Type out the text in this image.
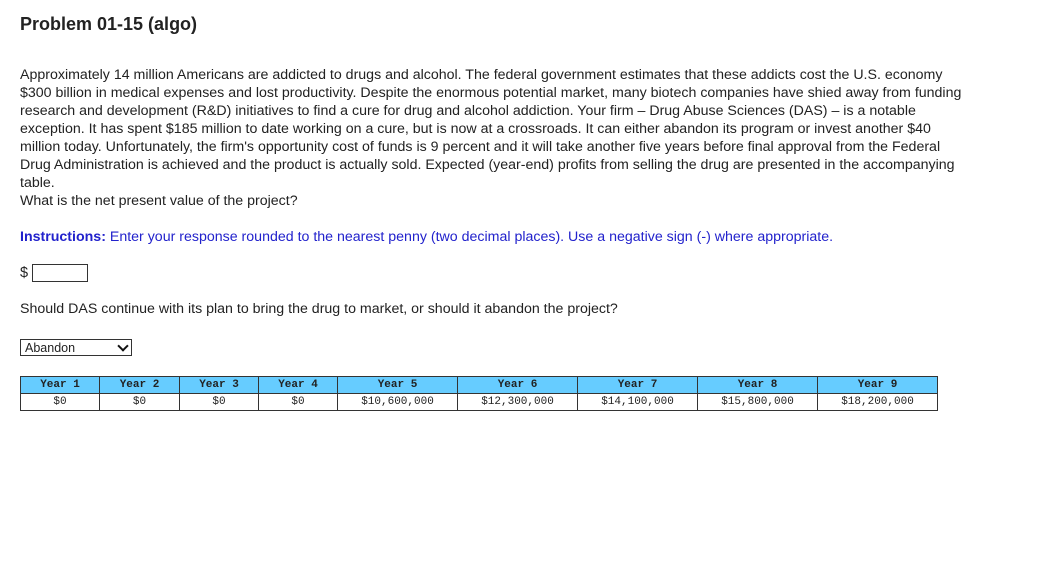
Problem 01-15 (algo)

Approximately 14 million Americans are addicted to drugs and alcohol. The federal government estimates that these addicts cost the U.S. economy $300 billion in medical expenses and lost productivity. Despite the enormous potential market, many biotech companies have shied away from funding research and development (R&D) initiatives to find a cure for drug and alcohol addiction. Your firm – Drug Abuse Sciences (DAS) – is a notable exception. It has spent $185 million to date working on a cure, but is now at a crossroads. It can either abandon its program or invest another $40 million today. Unfortunately, the firm's opportunity cost of funds is 9 percent and it will take another five years before final approval from the Federal Drug Administration is achieved and the product is actually sold. Expected (year-end) profits from selling the drug are presented in the accompanying table.

What is the net present value of the project?

Instructions: Enter your response rounded to the nearest penny (two decimal places). Use a negative sign (-) where appropriate.
$
Should DAS continue with its plan to bring the drug to market, or should it abandon the project?
Abandon
Year 1	Year 2	Year 3	Year 4	Year 5	Year 6	Year 7	Year 8	Year 9
$0	$0	$0	$0	$10,600,000	$12,300,000	$14,100,000	$15,800,000	$18,200,000
